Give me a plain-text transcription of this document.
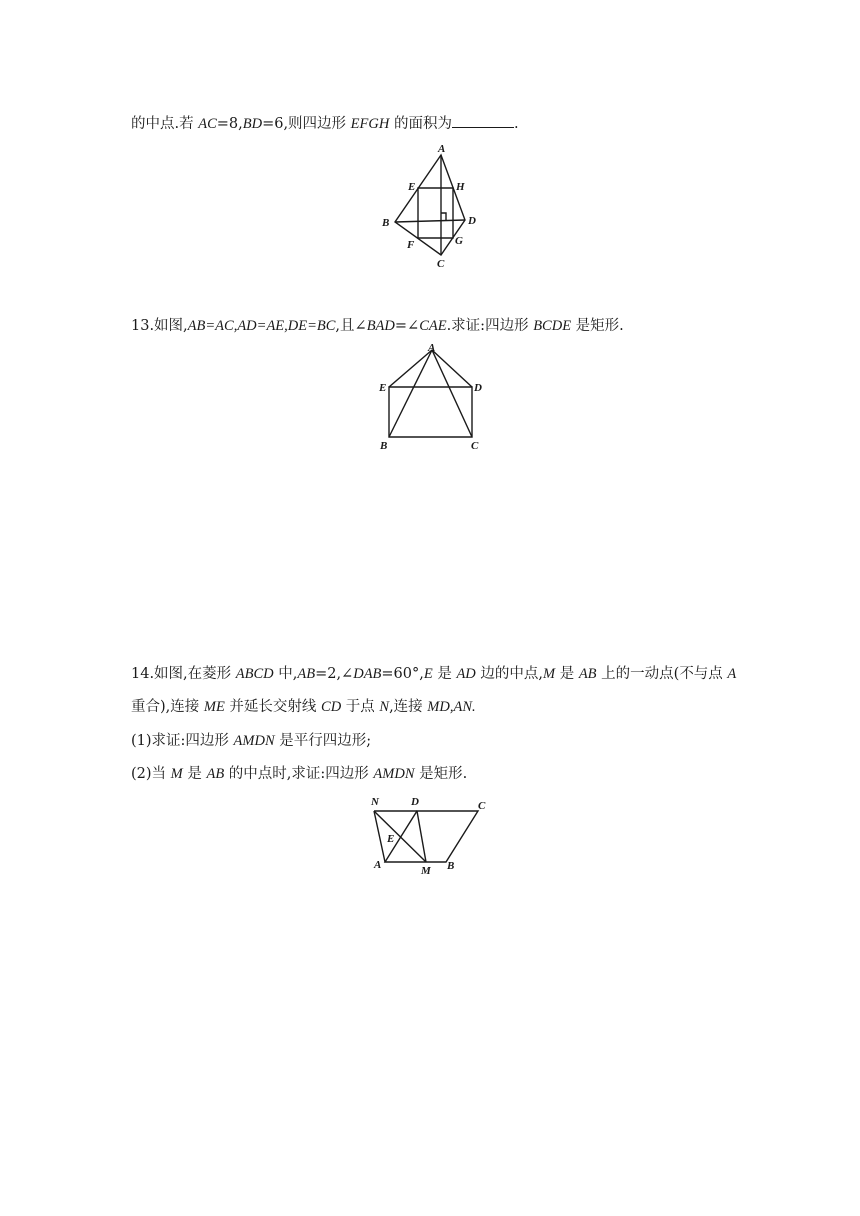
的中点.若 AC=8,BD=6,则四边形 EFGH 的面积为	.
A
E	H
B	D
F	G
C
13.如图,AB=AC,AD=AE,DE=BC,且∠BAD=∠CAE.求证:四边形 BCDE 是矩形.
A
E	D
B	C
14.如图,在菱形 ABCD 中,AB=2,∠DAB=60°,E 是 AD 边的中点,M 是 AB 上的一动点(不与点 A
重合),连接 ME 并延长交射线 CD 于点 N,连接 MD,AN.
(1)求证:四边形 AMDN 是平行四边形;
(2)当 M 是 AB 的中点时,求证:四边形 AMDN 是矩形.
N	D	C
E
A	M B
